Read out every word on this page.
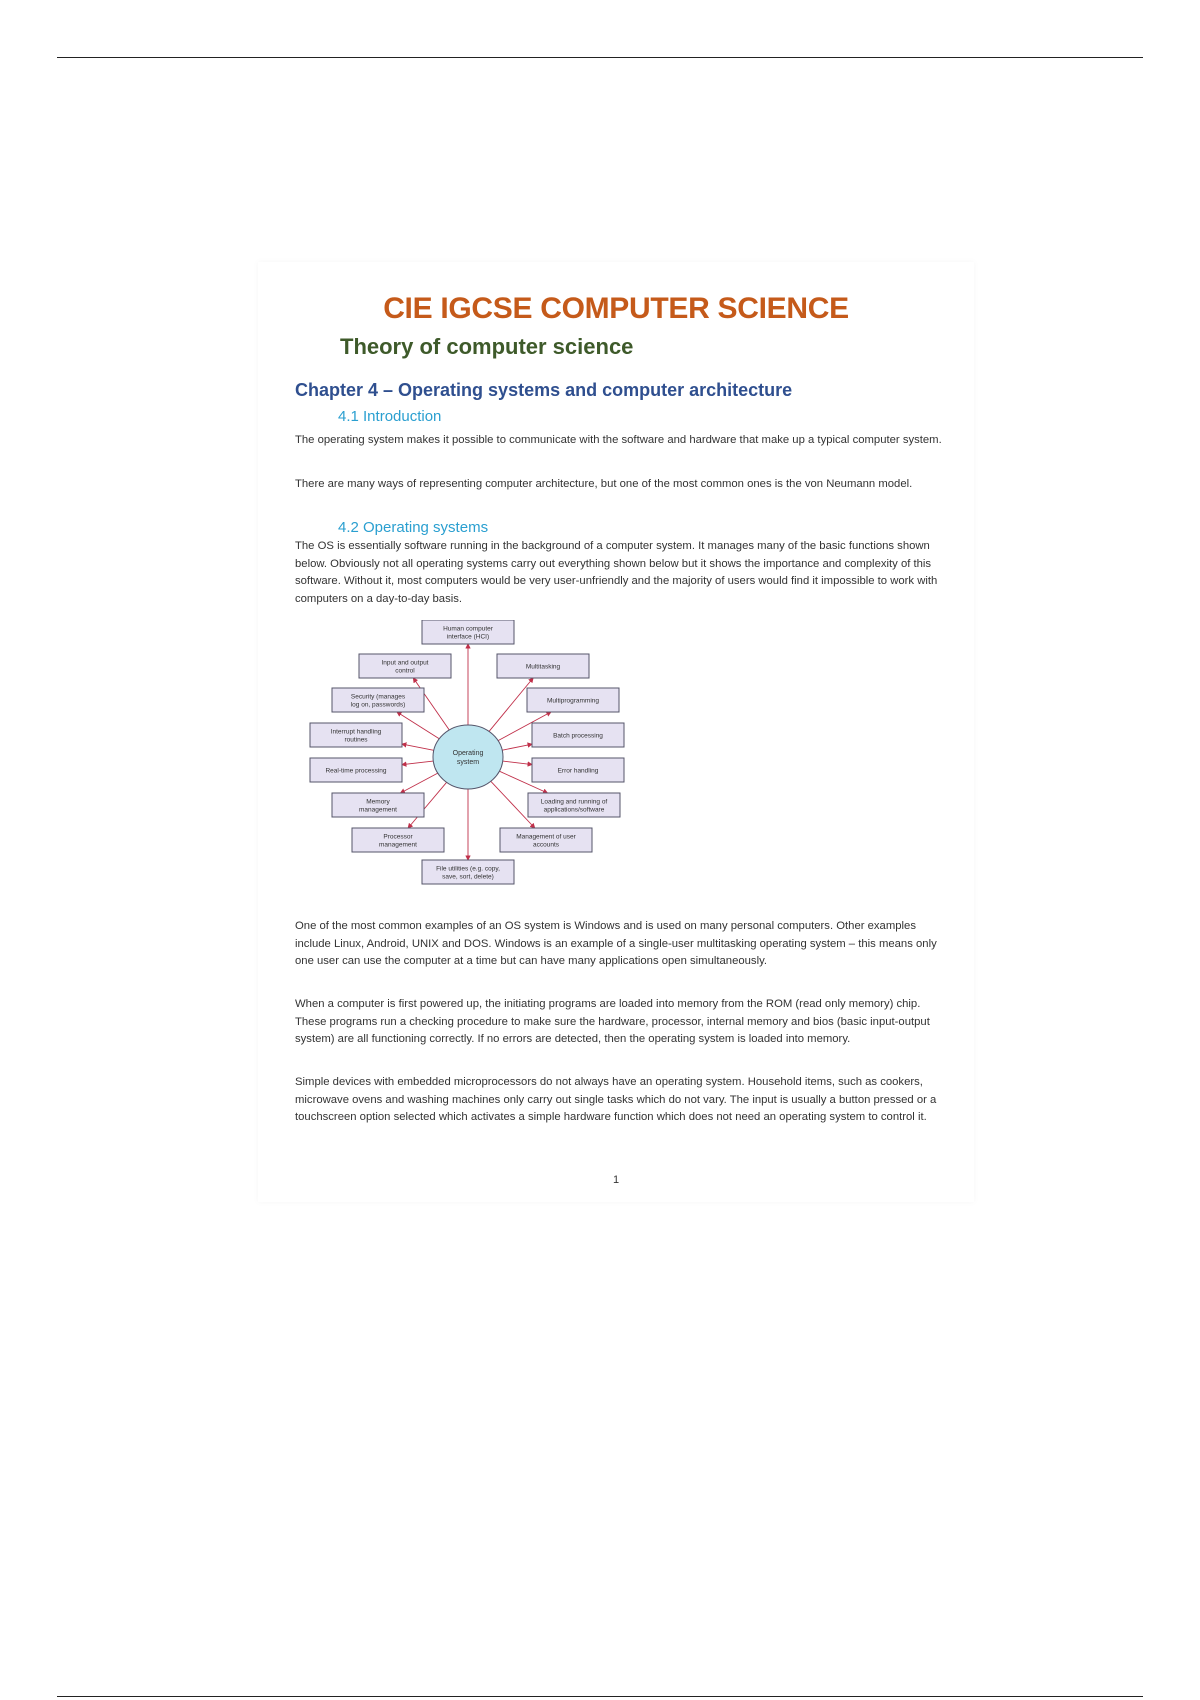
CIE IGCSE COMPUTER SCIENCE
Theory of computer science
Chapter 4 – Operating systems and computer architecture
4.1 Introduction

The operating system makes it possible to communicate with the software and hardware that make up a typical computer system.

There are many ways of representing computer architecture, but one of the most common ones is the von Neumann model.

4.2 Operating systems

The OS is essentially software running in the background of a computer system. It manages many of the basic functions shown below. Obviously not all operating systems carry out everything shown below but it shows the importance and complexity of this software. Without it, most computers would be very user-unfriendly and the majority of users would find it impossible to work with computers on a day-to-day basis.

Human computer interface (HCI)
Multitasking
Multiprogramming
Batch processing
Error handling
Loading and running of applications/software
Management of user accounts
File utilities (e.g. copy, save, sort, delete)
Processor management
Memory management
Real-time processing
Interrupt handling routines
Security (manages log on, passwords)
Input and output control
Operating system

One of the most common examples of an OS system is Windows and is used on many personal computers. Other examples include Linux, Android, UNIX and DOS. Windows is an example of a single-user multitasking operating system – this means only one user can use the computer at a time but can have many applications open simultaneously.

When a computer is first powered up, the initiating programs are loaded into memory from the ROM (read only memory) chip. These programs run a checking procedure to make sure the hardware, processor, internal memory and bios (basic input-output system) are all functioning correctly. If no errors are detected, then the operating system is loaded into memory.

Simple devices with embedded microprocessors do not always have an operating system. Household items, such as cookers, microwave ovens and washing machines only carry out single tasks which do not vary. The input is usually a button pressed or a touchscreen option selected which activates a simple hardware function which does not need an operating system to control it.

1
